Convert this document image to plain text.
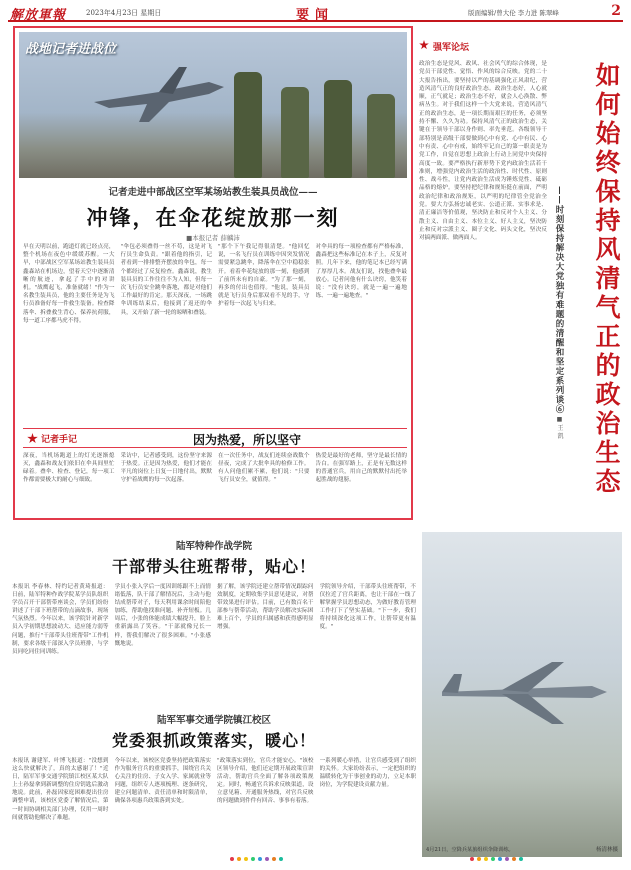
解放軍報	2023年4月23日 星期日	要闻	版面编辑/曾大伦 李力进 陈翠峰	2
战地记者进战位
记者走进中部战区空军某场站教生装具员战位——
冲锋，在伞花绽放那一刻
■本报记者 薛麟沛
早在天明以前，跑道灯就已经点亮，整个机场在夜色中缓缓苏醒。一大早，中部战区空军某场站教生装具员鑫森站在机场边，望着天空中逐渐清晰的航迹，拿起了手中的对讲机。"战鹰起飞，准备就绪！"作为一名教生装具员，他的主要任务是为飞行员准备好每一件救生装备。检查降落伞、拆叠救生背心、保养抗荷服，每一道工序都马虎不得。
"伞包必须叠得一丝不苟，这是对飞行员生命负责。"跟着他的指引，记者看到一排排整齐摆放的伞包，每一个都经过了反复检查。鑫森说，教生装具员的工作往往不为人知，但每一次飞行员安全跳伞落地，都是对他们工作最好的肯定。那天深夜，一场跳伞训练结束后，他接到了返还的伞具，又开始了新一轮的晾晒和叠装。
"那个下午我记得很清楚。"他回忆说，一名飞行员在训练中因突发情况需要紧急跳伞，降落伞在空中稳稳张开。看着伞花绽放的那一刻，他感到了前所未有的自豪。"为了那一刻，再多的付出也值得。"他说，装具员就是飞行员身后那双看不见的手，守护着每一次起飞与归来。
对伞具的每一项检查都有严格标准，鑫森把这些标准记在本子上，反复对照。几年下来，他的笔记本已经写满了厚厚几本。战友们说，找他叠伞最放心。记者问他有什么诀窍，他笑着说："没有诀窍，就是一遍一遍地练、一遍一遍地查。"
记者手记	因为热爱，所以坚守
深夜，当机场跑道上的灯光逐渐熄灭，鑫森和战友们依旧在伞具间里忙碌着。叠伞、检查、登记，每一项工作都需要极大的耐心与细致。
采访中，记者感受到，这份坚守来源于热爱。正是因为热爱，他们才能在平凡的岗位上日复一日地付出，默默守护着战鹰的每一次起落。
在一次任务中，战友们连续奋战数个昼夜，完成了大批伞具的检修工作。有人问他们累不累，他们说："只要飞行员安全，就值得。"
热爱是最好的老师，坚守是最长情的告白。在强军路上，正是有无数这样的普通官兵，用自己的默默付出托举起胜战的翅膀。
强军论坛
政治生态是党风、政风、社会风气的综合体现，是党员干部党性、觉悟、作风的综合反映。党的二十大报告指出，要坚持以严的基调强化正风肃纪，营造风清气正的良好政治生态。政治生态好，人心就顺，正气就足；政治生态不好，就会人心涣散、弊病丛生。对于我们这样一个大党来说，营造风清气正的政治生态，是一项长期而艰巨的任务，必须坚持不懈、久久为功。保持风清气正的政治生态，关键在于领导干部以身作则、率先垂范。各级领导干部特别是高级干部要做到心中有党、心中有民、心中有责、心中有戒，始终牢记自己的第一职责是为党工作，自觉在思想上政治上行动上同党中央保持高度一致。要严格执行新形势下党内政治生活若干准则，增强党内政治生活的政治性、时代性、原则性、战斗性，让党内政治生活成为锤炼党性、砥砺品格的熔炉。要坚持把纪律和规矩挺在前面，严明政治纪律和政治规矩，以严明的纪律管全党治全党。要大力弘扬忠诚老实、公道正派、实事求是、清正廉洁等价值观，坚决防止和反对个人主义、分散主义、自由主义、本位主义、好人主义，坚决防止和反对宗派主义、圈子文化、码头文化，坚决反对搞两面派、做两面人。	如何始终保持风清气正的政治生态
——时刻保持解决大党独有难题的清醒和坚定系列谈⑥
■ 王 凯
陆军特种作战学院
干部带头往班帮带，贴心！
本报讯 李春林、特约记者黄琦报道：日前，陆军特种作战学院某学员队组织学员召开干部帮带座谈会，学员们纷纷讲述了干部下班帮带的点滴故事，现场气氛热烈。今年以来，该学院针对新学员入学初期思想波动大、适应能力弱等问题，推行"干部带头往班帮带"工作机制，要求各级干部深入学员班排，与学员同吃同住同训练。
学员小张入学后一度因训练跟不上而情绪低落，队干部了解情况后，主动与他结成帮带对子，每天利用课余时间陪他加练，帮助他找准问题、补齐短板。几周后，小张的体能成绩大幅提升，脸上重新露出了笑容。"干部就像兄长一样，帮我们解决了很多困难。"小张感慨地说。
据了解，该学院还建立帮带情况跟踪问效制度，定期收集学员意见建议，对帮带效果进行评估。目前，已有数百名干部参与帮带活动，帮助学员解决实际困难上百个，学员的归属感和获得感明显增强。
学院领导介绍，干部带头往班帮带，不仅拉近了官兵距离，也让干部在一线了解掌握学员思想动态，为做好教育管理工作打下了坚实基础。"下一步，我们将持续深化这项工作，让帮带更有温度。"
陆军军事交通学院镇江校区
党委狠抓政策落实，暖心！
本报讯 谢建军、叶博飞报道："没想到这么快就解决了，真的太感谢了！"近日，陆军军事交通学院镇江校区某大队上士孙磊拿到新调整的住房钥匙后激动地说。此前，孙磊因家庭困难提出住房调整申请，该校区党委了解情况后，第一时间协调相关部门办理，仅用一周时间就帮助他解决了难题。
今年以来，该校区党委坚持把政策落实作为服务官兵的重要抓手，围绕官兵关心关注的住房、子女入学、家属就业等问题，组织专人逐项梳理、逐条研究，建立问题清单、责任清单和时限清单，确保各项惠兵政策落到实处。
"政策落实到位，官兵才能安心。"该校区领导介绍，他们还定期开展政策宣讲活动，帮助官兵全面了解各项政策规定。同时，畅通官兵诉求反映渠道，设立意见箱、开通服务热线，对官兵反映的问题做到件件有回音、事事有着落。
一系列暖心举措，让官兵感受到了组织的关怀。大家纷纷表示，一定把组织的温暖转化为干事创业的动力，立足本职岗位，为学院建设贡献力量。
4月21日，空降兵某旅组织伞降训练。	杨清林摄
